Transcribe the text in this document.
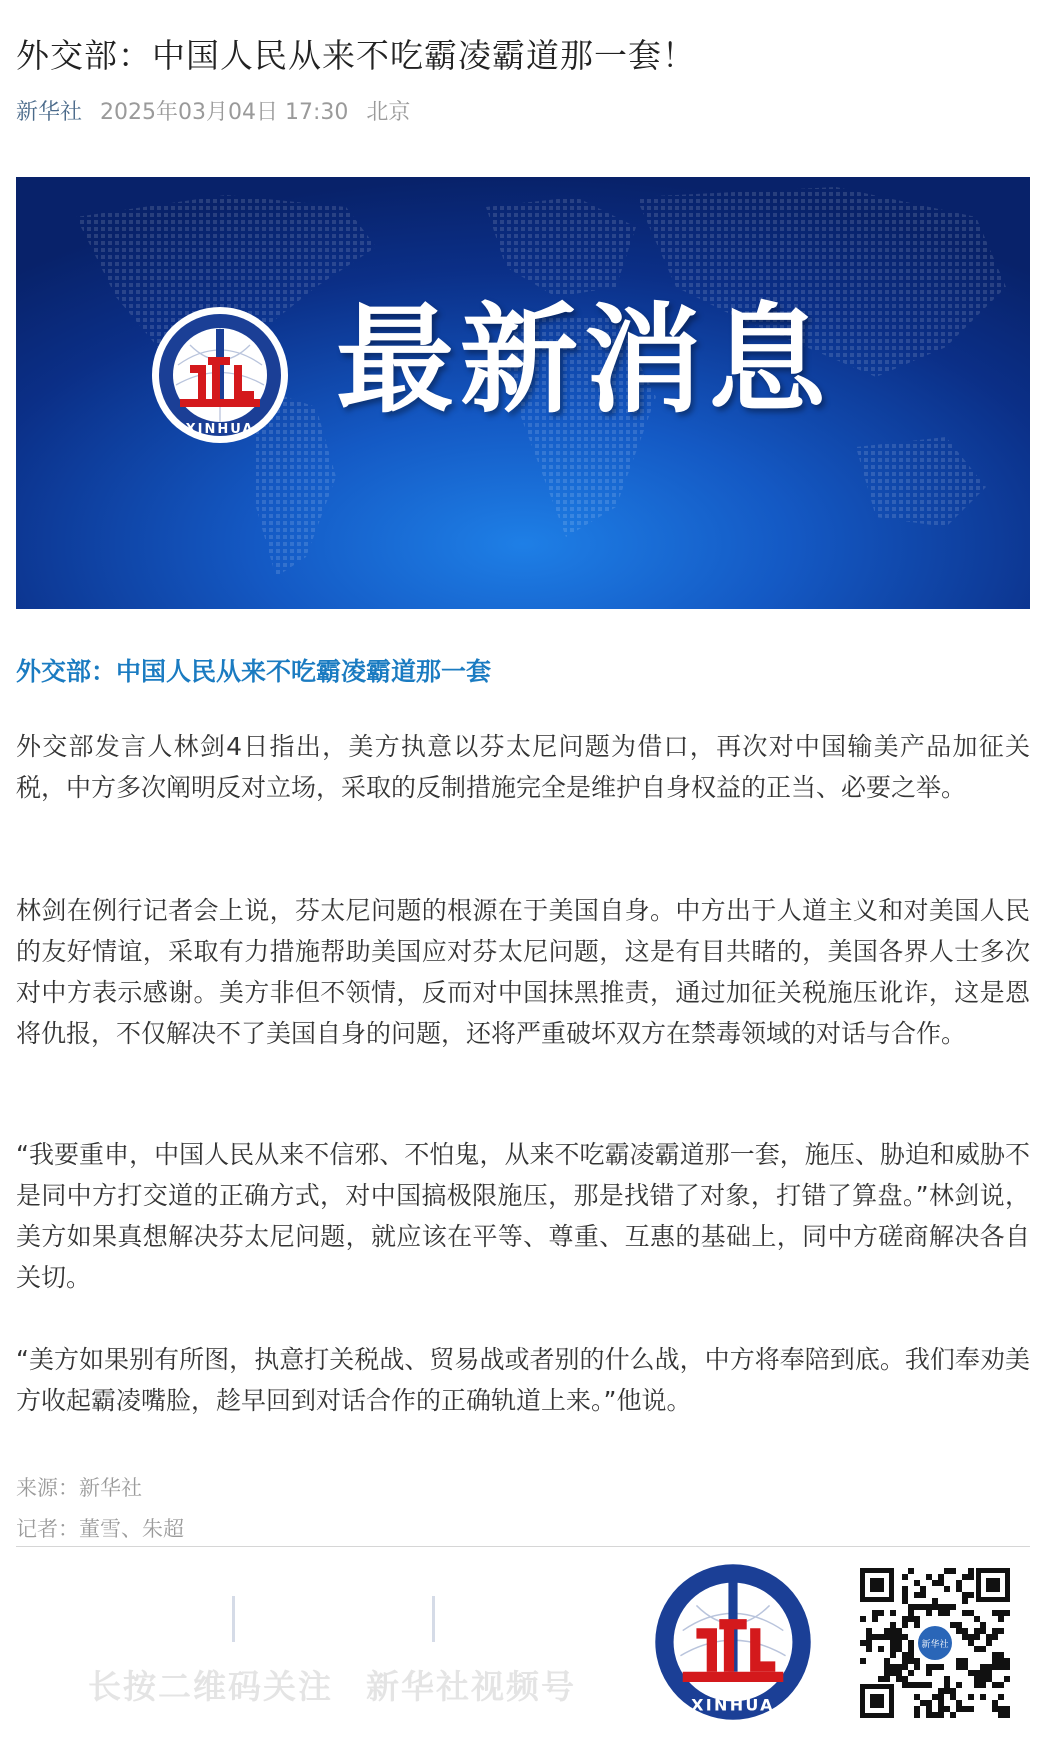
外交部：中国人民从来不吃霸凌霸道那一套！
新华社 2025年03月04日 17:30 北京
XINHUA
最新消息
外交部：中国人民从来不吃霸凌霸道那一套

外交部发言人林剑4日指出，美方执意以芬太尼问题为借口，再次对中国输美产品加征关税，中方多次阐明反对立场，采取的反制措施完全是维护自身权益的正当、必要之举。

林剑在例行记者会上说，芬太尼问题的根源在于美国自身。中方出于人道主义和对美国人民的友好情谊，采取有力措施帮助美国应对芬太尼问题，这是有目共睹的，美国各界人士多次对中方表示感谢。美方非但不领情，反而对中国抹黑推责，通过加征关税施压讹诈，这是恩将仇报，不仅解决不了美国自身的问题，还将严重破坏双方在禁毒领域的对话与合作。

“我要重申，中国人民从来不信邪、不怕鬼，从来不吃霸凌霸道那一套，施压、胁迫和威胁不是同中方打交道的正确方式，对中国搞极限施压，那是找错了对象，打错了算盘。”林剑说，美方如果真想解决芬太尼问题，就应该在平等、尊重、互惠的基础上，同中方磋商解决各自关切。

“美方如果别有所图，执意打关税战、贸易战或者别的什么战，中方将奉陪到底。我们奉劝美方收起霸凌嘴脸，趁早回到对话合作的正确轨道上来。”他说。

来源：新华社
记者：董雪、朱超
长按二维码关注 新华社视频号	XINHUA
新华社
